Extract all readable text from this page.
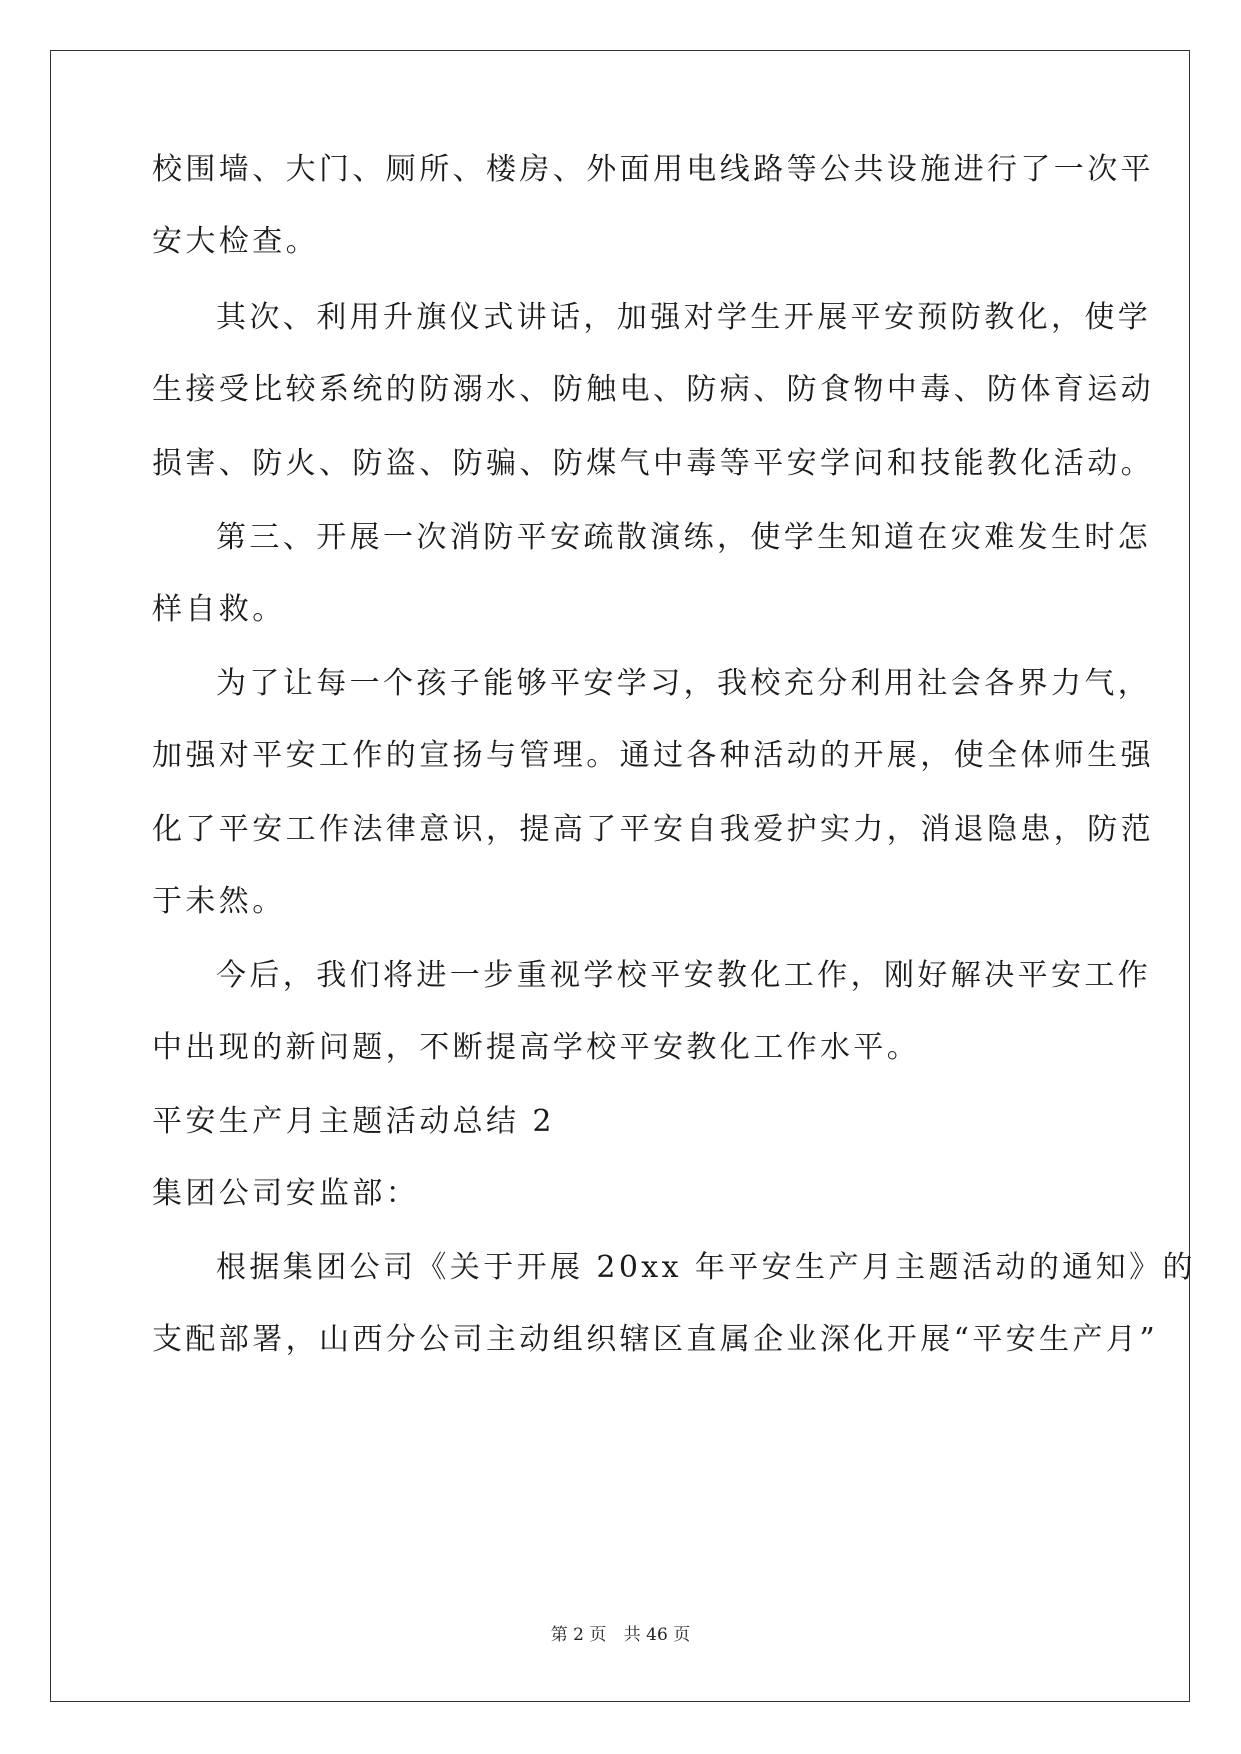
校围墙、大门、厕所、楼房、外面用电线路等公共设施进行了一次平
安大检查。
其次、利用升旗仪式讲话，加强对学生开展平安预防教化，使学
生接受比较系统的防溺水、防触电、防病、防食物中毒、防体育运动
损害、防火、防盗、防骗、防煤气中毒等平安学问和技能教化活动。
第三、开展一次消防平安疏散演练，使学生知道在灾难发生时怎
样自救。
为了让每一个孩子能够平安学习，我校充分利用社会各界力气，
加强对平安工作的宣扬与管理。通过各种活动的开展，使全体师生强
化了平安工作法律意识，提高了平安自我爱护实力，消退隐患，防范
于未然。
今后，我们将进一步重视学校平安教化工作，刚好解决平安工作
中出现的新问题，不断提高学校平安教化工作水平。
平安生产月主题活动总结 2
集团公司安监部：
根据集团公司《关于开展 20xx 年平安生产月主题活动的通知》的
支配部署，山西分公司主动组织辖区直属企业深化开展“平安生产月”
第 2 页 共 46 页
